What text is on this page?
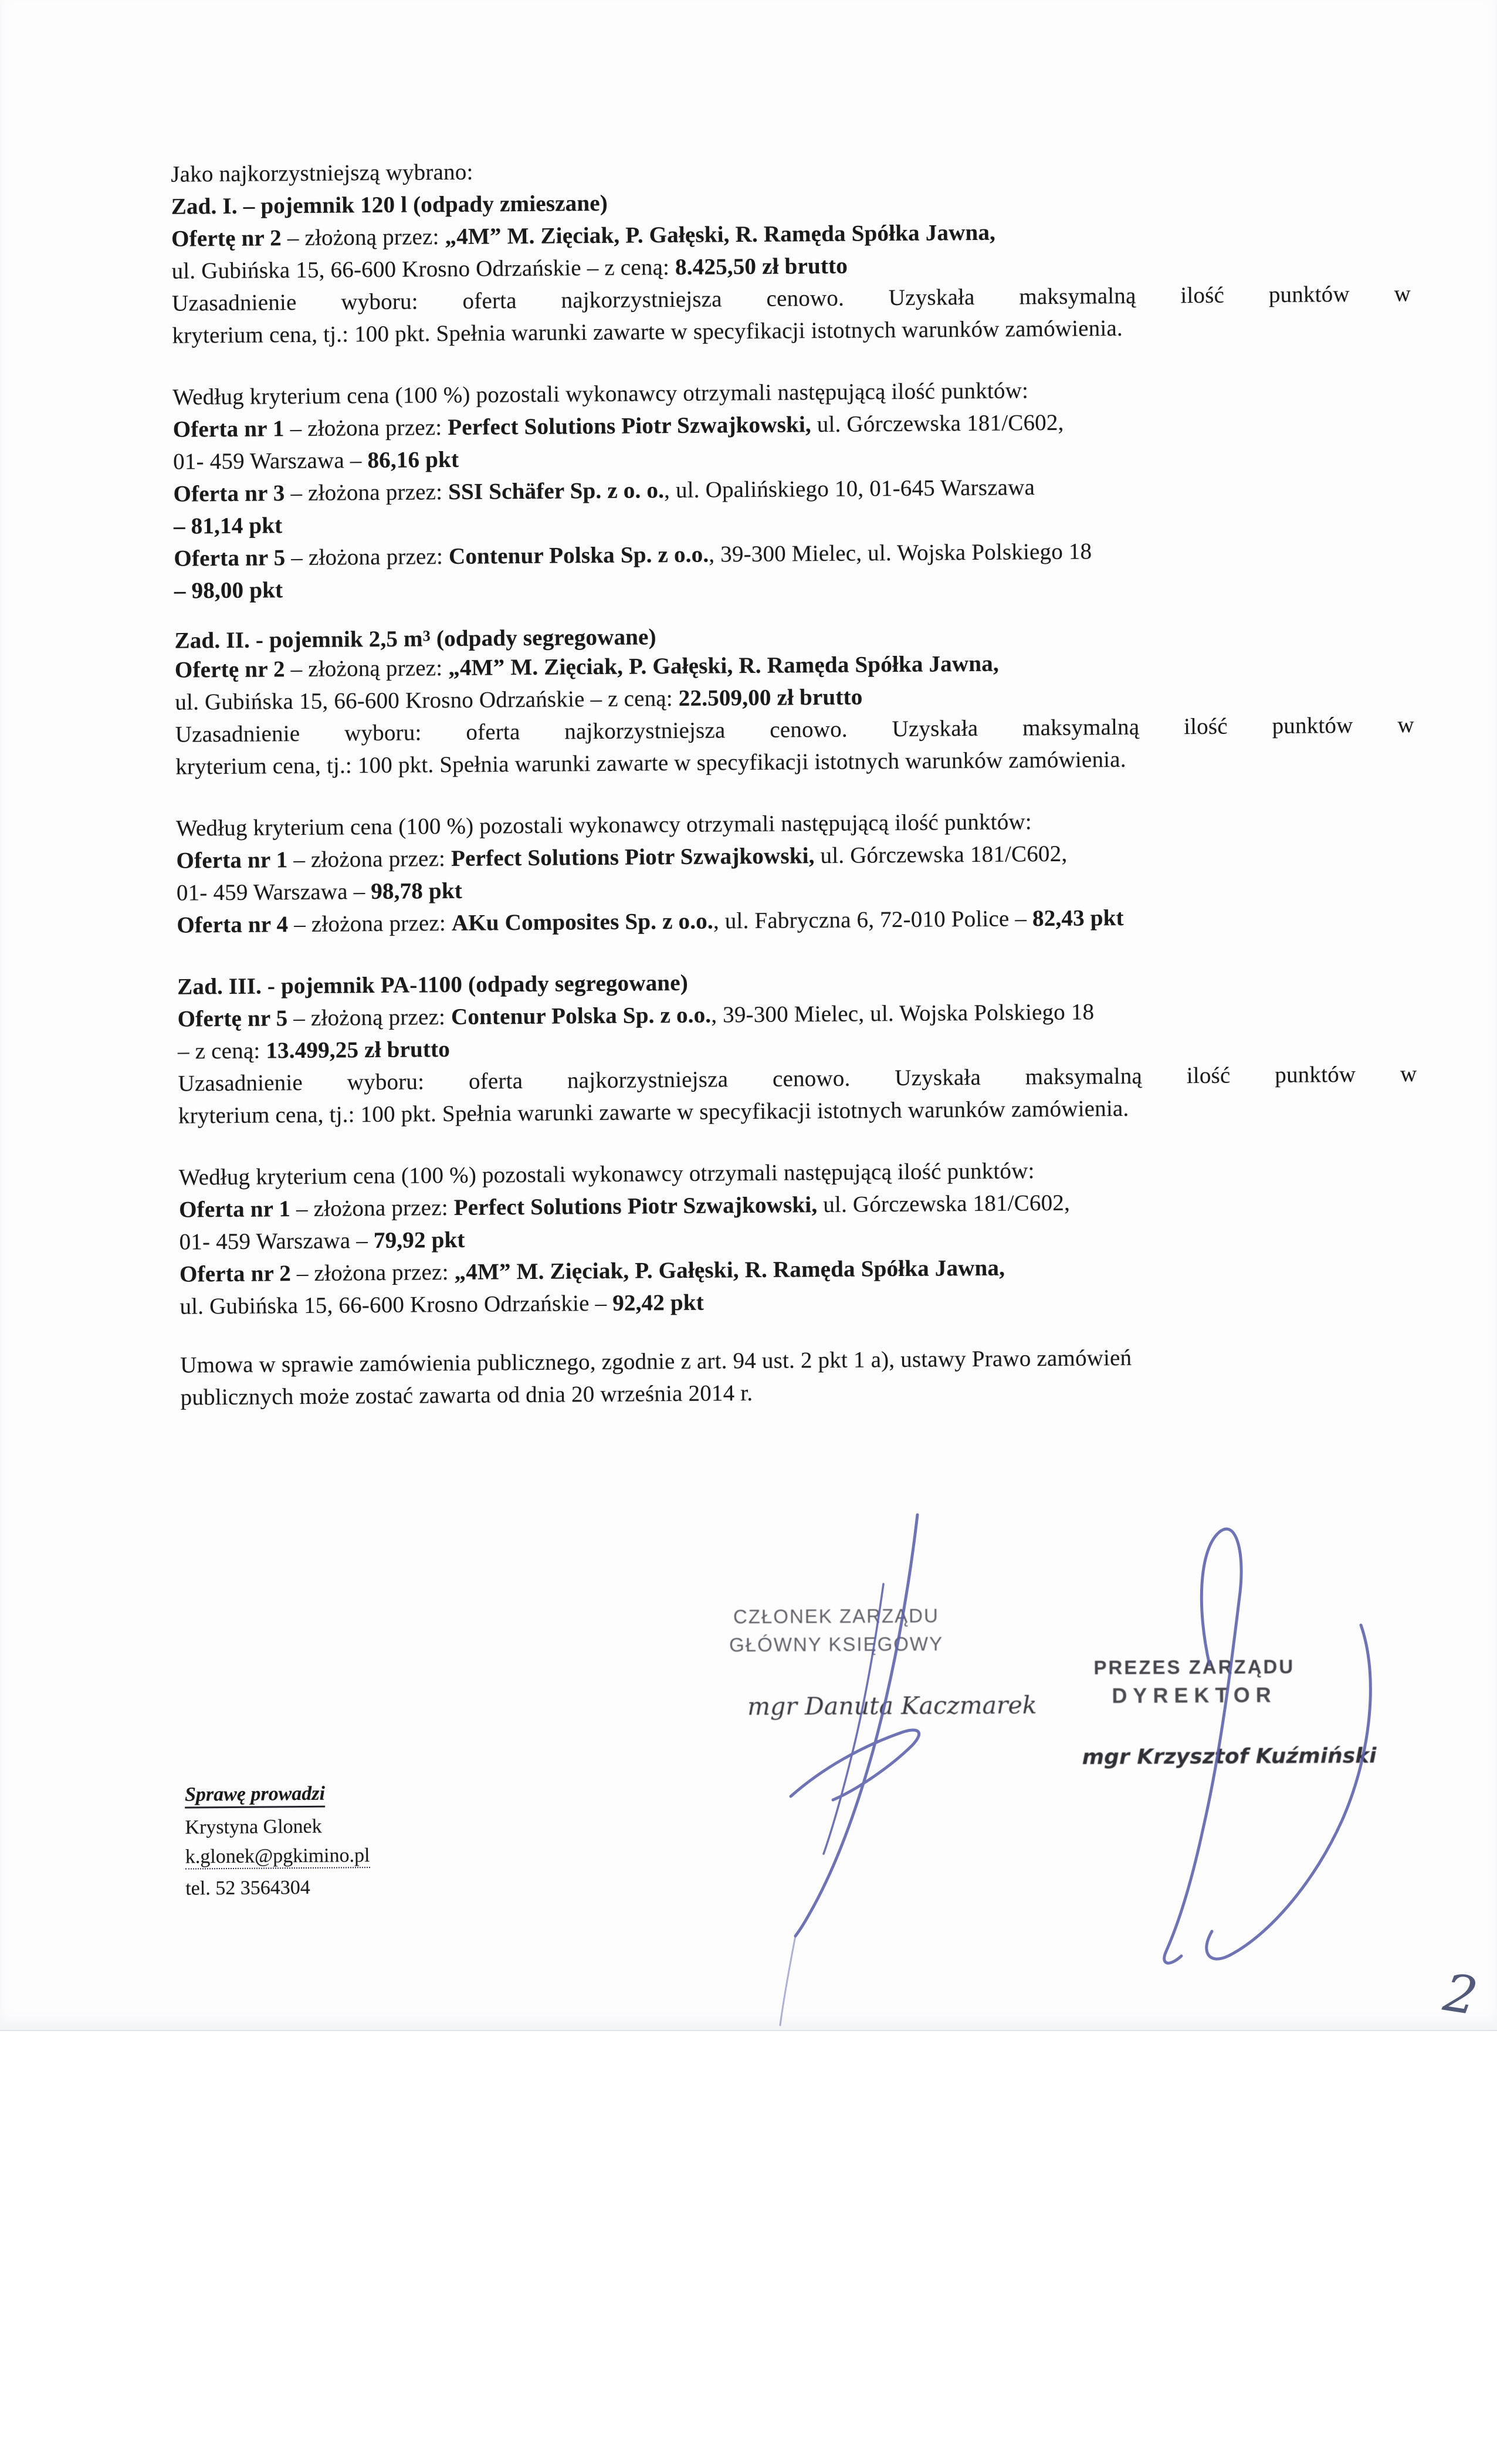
Jako najkorzystniejszą wybrano:
Zad. I. – pojemnik 120 l (odpady zmieszane)
Ofertę nr 2 – złożoną przez: „4M” M. Zięciak, P. Gałęski, R. Ramęda Spółka Jawna,
ul. Gubińska 15, 66-600 Krosno Odrzańskie – z ceną: 8.425,50 zł brutto
Uzasadnienie wyboru: oferta najkorzystniejsza cenowo. Uzyskała maksymalną ilość punktów w
kryterium cena, tj.: 100 pkt. Spełnia warunki zawarte w specyfikacji istotnych warunków zamówienia.
Według kryterium cena (100 %) pozostali wykonawcy otrzymali następującą ilość punktów:
Oferta nr 1 – złożona przez: Perfect Solutions Piotr Szwajkowski, ul. Górczewska 181/C602,
01- 459 Warszawa – 86,16 pkt
Oferta nr 3 – złożona przez: SSI Schäfer Sp. z o. o., ul. Opalińskiego 10, 01-645 Warszawa
– 81,14 pkt
Oferta nr 5 – złożona przez: Contenur Polska Sp. z o.o., 39-300 Mielec, ul. Wojska Polskiego 18
– 98,00 pkt
Zad. II. - pojemnik 2,5 $m^3$ (odpady segregowane)
Ofertę nr 2 – złożoną przez: „4M” M. Zięciak, P. Gałęski, R. Ramęda Spółka Jawna,
ul. Gubińska 15, 66-600 Krosno Odrzańskie – z ceną: 22.509,00 zł brutto
Uzasadnienie wyboru: oferta najkorzystniejsza cenowo. Uzyskała maksymalną ilość punktów w
kryterium cena, tj.: 100 pkt. Spełnia warunki zawarte w specyfikacji istotnych warunków zamówienia.
Według kryterium cena (100 %) pozostali wykonawcy otrzymali następującą ilość punktów:
Oferta nr 1 – złożona przez: Perfect Solutions Piotr Szwajkowski, ul. Górczewska 181/C602,
01- 459 Warszawa – 98,78 pkt
Oferta nr 4 – złożona przez: AKu Composites Sp. z o.o., ul. Fabryczna 6, 72-010 Police – 82,43 pkt
Zad. III. - pojemnik PA-1100 (odpady segregowane)
Ofertę nr 5 – złożoną przez: Contenur Polska Sp. z o.o., 39-300 Mielec, ul. Wojska Polskiego 18
– z ceną: 13.499,25 zł brutto
Uzasadnienie wyboru: oferta najkorzystniejsza cenowo. Uzyskała maksymalną ilość punktów w
kryterium cena, tj.: 100 pkt. Spełnia warunki zawarte w specyfikacji istotnych warunków zamówienia.
Według kryterium cena (100 %) pozostali wykonawcy otrzymali następującą ilość punktów:
Oferta nr 1 – złożona przez: Perfect Solutions Piotr Szwajkowski, ul. Górczewska 181/C602,
01- 459 Warszawa – 79,92 pkt
Oferta nr 2 – złożona przez: „4M” M. Zięciak, P. Gałęski, R. Ramęda Spółka Jawna,
ul. Gubińska 15, 66-600 Krosno Odrzańskie – 92,42 pkt
Umowa w sprawie zamówienia publicznego, zgodnie z art. 94 ust. 2 pkt 1 a), ustawy Prawo zamówień
publicznych może zostać zawarta od dnia 20 września 2014 r.
Sprawę prowadzi
Krystyna Glonek
k.glonek@pgkimino.pl
tel. 52 3564304
CZŁONEK ZARZĄDU
GŁÓWNY KSIĘGOWY
mgr Danuta Kaczmarek
PREZES ZARZĄDU
DYREKTOR
mgr Krzysztof Kuźmiński
2
